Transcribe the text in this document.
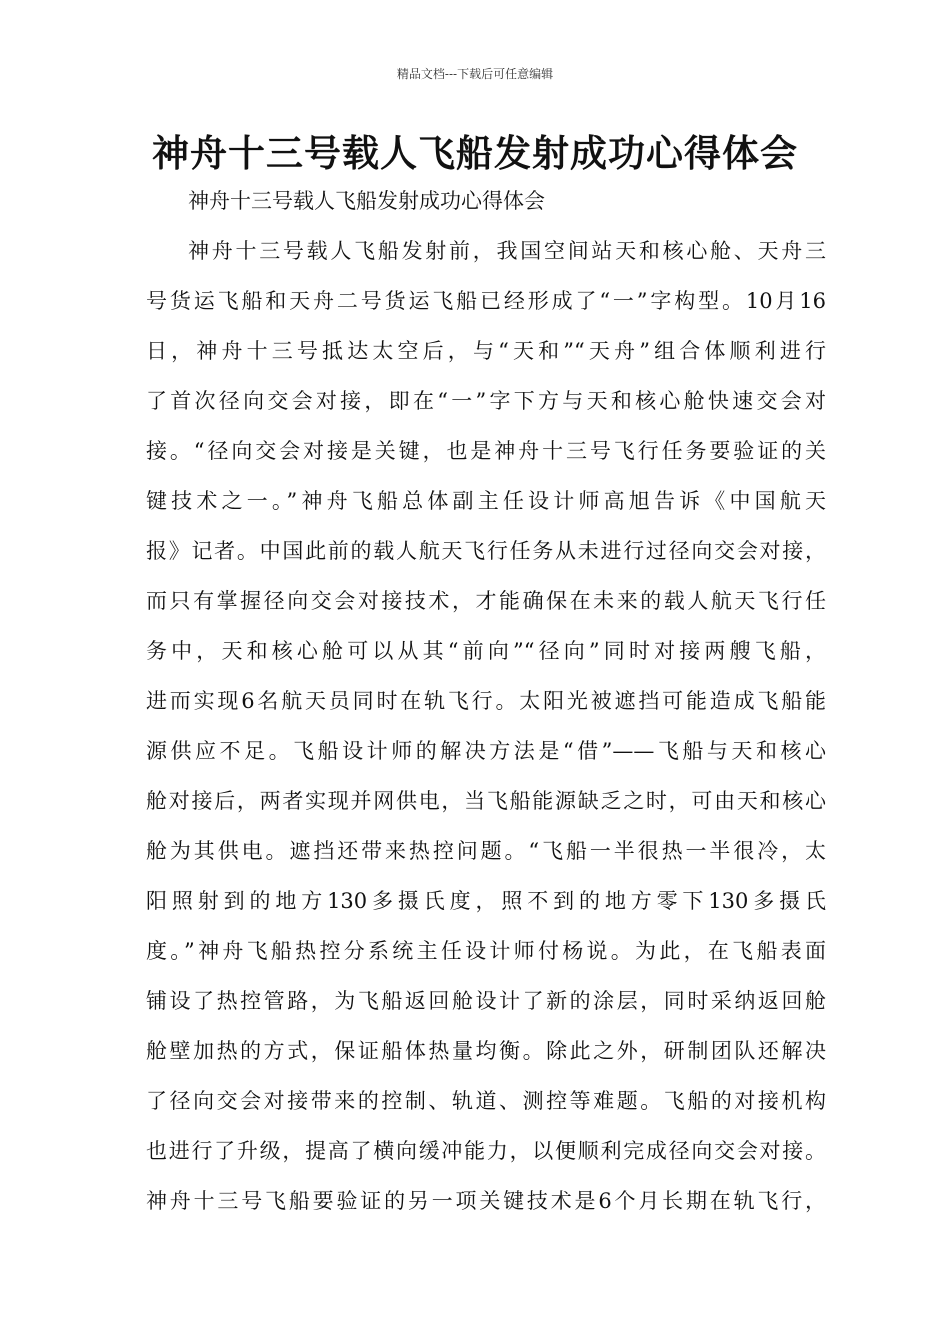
精品文档---下载后可任意编辑
神舟十三号载人飞船发射成功心得体会
神舟十三号载人飞船发射成功心得体会
神舟十三号载人飞船发射前，我国空间站天和核心舱、天舟三
号货运飞船和天舟二号货运飞船已经形成了“一”字构型。10月16
日，神舟十三号抵达太空后，与“天和”“天舟”组合体顺利进行
了首次径向交会对接，即在“一”字下方与天和核心舱快速交会对
接。“径向交会对接是关键，也是神舟十三号飞行任务要验证的关
键技术之一。”神舟飞船总体副主任设计师高旭告诉《中国航天
报》记者。中国此前的载人航天飞行任务从未进行过径向交会对接，
而只有掌握径向交会对接技术，才能确保在未来的载人航天飞行任
务中，天和核心舱可以从其“前向”“径向”同时对接两艘飞船，
进而实现6名航天员同时在轨飞行。太阳光被遮挡可能造成飞船能
源供应不足。飞船设计师的解决方法是“借”——飞船与天和核心
舱对接后，两者实现并网供电，当飞船能源缺乏之时，可由天和核心
舱为其供电。遮挡还带来热控问题。“飞船一半很热一半很冷，太
阳照射到的地方130多摄氏度，照不到的地方零下130多摄氏
度。”神舟飞船热控分系统主任设计师付杨说。为此，在飞船表面
铺设了热控管路，为飞船返回舱设计了新的涂层，同时采纳返回舱
舱壁加热的方式，保证船体热量均衡。除此之外，研制团队还解决
了径向交会对接带来的控制、轨道、测控等难题。飞船的对接机构
也进行了升级，提高了横向缓冲能力，以便顺利完成径向交会对接。
神舟十三号飞船要验证的另一项关键技术是6个月长期在轨飞行，
